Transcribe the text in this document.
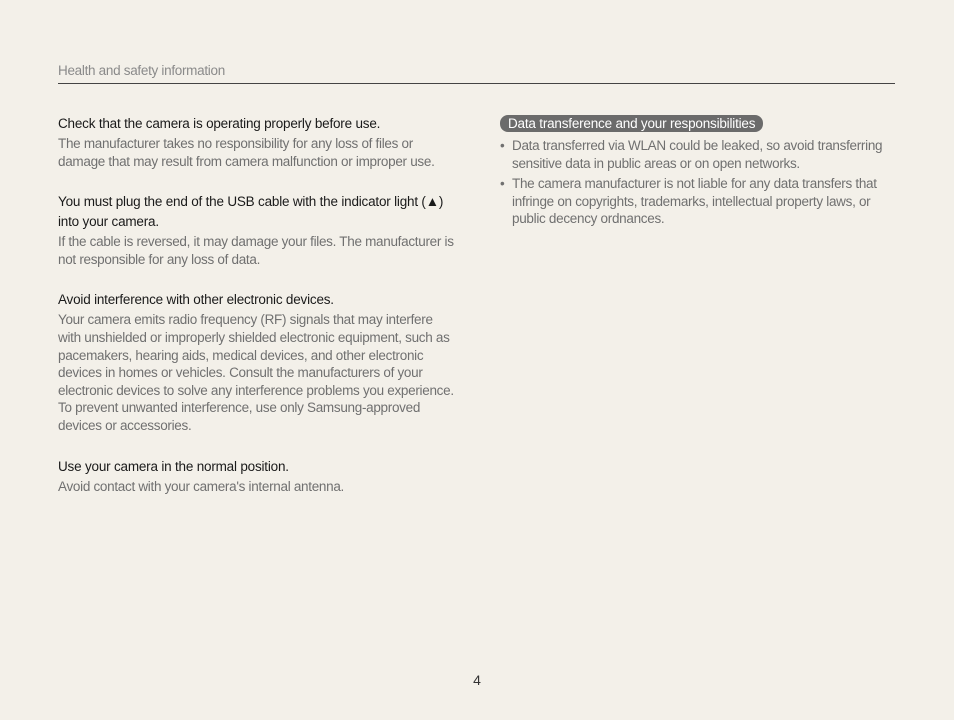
Health and safety information
Check that the camera is operating properly before use.
The manufacturer takes no responsibility for any loss of files or damage that may result from camera malfunction or improper use.
You must plug the end of the USB cable with the indicator light (▲) into your camera.
If the cable is reversed, it may damage your files. The manufacturer is not responsible for any loss of data.
Avoid interference with other electronic devices.
Your camera emits radio frequency (RF) signals that may interfere with unshielded or improperly shielded electronic equipment, such as pacemakers, hearing aids, medical devices, and other electronic devices in homes or vehicles. Consult the manufacturers of your electronic devices to solve any interference problems you experience. To prevent unwanted interference, use only Samsung-approved devices or accessories.
Use your camera in the normal position.
Avoid contact with your camera's internal antenna.
Data transference and your responsibilities
• Data transferred via WLAN could be leaked, so avoid transferring sensitive data in public areas or on open networks.
• The camera manufacturer is not liable for any data transfers that infringe on copyrights, trademarks, intellectual property laws, or public decency ordnances.
4
